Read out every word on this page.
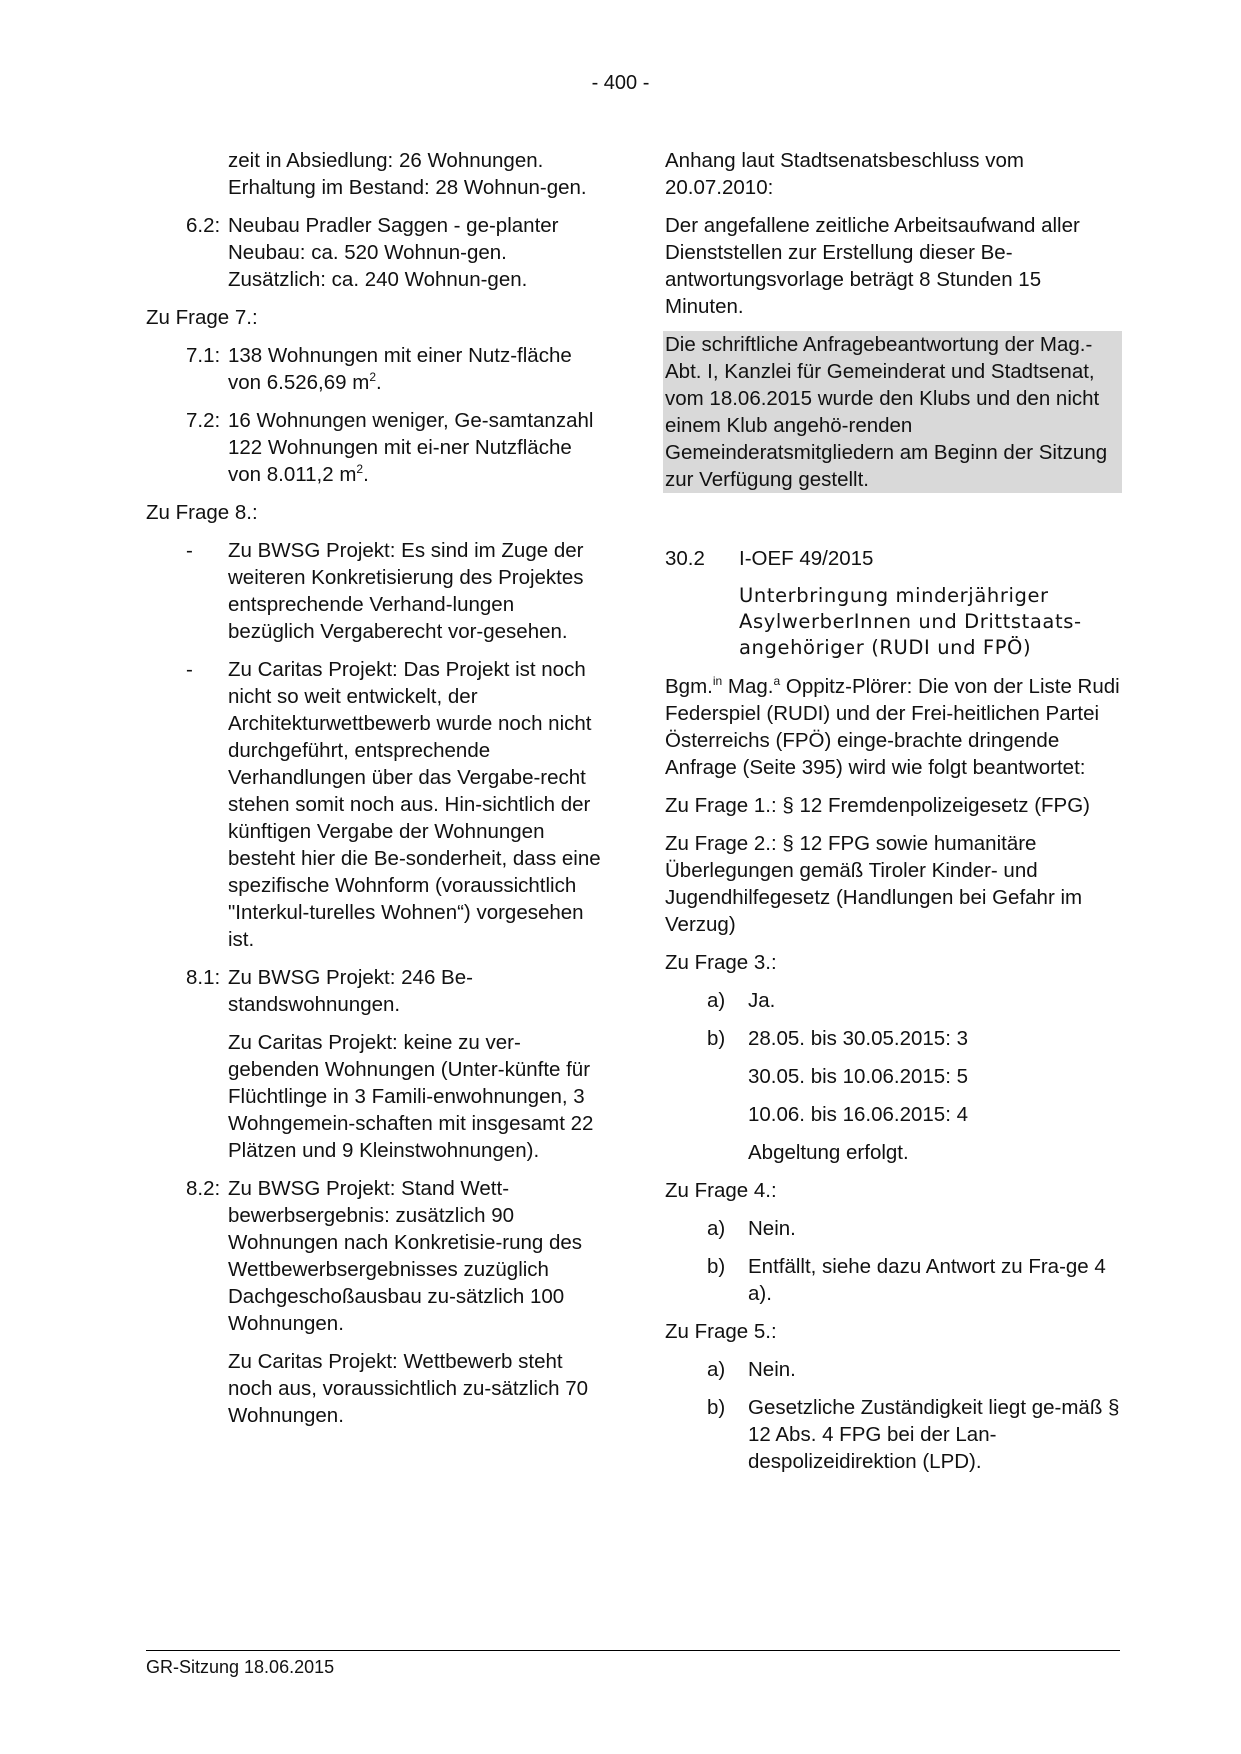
- 400 -

zeit in Absiedlung: 26 Wohnungen. Erhaltung im Bestand: 28 Wohnun-gen.

6.2: Neubau Pradler Saggen - ge-planter Neubau: ca. 520 Wohnun-gen. Zusätzlich: ca. 240 Wohnun-gen.

Zu Frage 7.:

7.1: 138 Wohnungen mit einer Nutz-fläche von 6.526,69 $m^2$.
7.2: 16 Wohnungen weniger, Ge-samtanzahl 122 Wohnungen mit ei-ner Nutzfläche von 8.011,2 $m^2$.

Zu Frage 8.:

-	Zu BWSG Projekt: Es sind im Zuge der weiteren Konkretisierung des Projektes entsprechende Verhand-lungen bezüglich Vergaberecht vor-gesehen.
-	Zu Caritas Projekt: Das Projekt ist noch nicht so weit entwickelt, der Architekturwettbewerb wurde noch nicht durchgeführt, entsprechende Verhandlungen über das Vergabe-recht stehen somit noch aus. Hin-sichtlich der künftigen Vergabe der Wohnungen besteht hier die Be-sonderheit, dass eine spezifische Wohnform (voraussichtlich "Interkul-turelles Wohnen“) vorgesehen ist.
8.1: Zu BWSG Projekt: 246 Be-standswohnungen.

Zu Caritas Projekt: keine zu ver-gebenden Wohnungen (Unter-künfte für Flüchtlinge in 3 Famili-enwohnungen, 3 Wohngemein-schaften mit insgesamt 22 Plätzen und 9 Kleinstwohnungen).

8.2: Zu BWSG Projekt: Stand Wett-bewerbsergebnis: zusätzlich 90 Wohnungen nach Konkretisie-rung des Wettbewerbsergebnisses zuzüglich Dachgeschoßausbau zu-sätzlich 100 Wohnungen.

Zu Caritas Projekt: Wettbewerb steht noch aus, voraussichtlich zu-sätzlich 70 Wohnungen.

Anhang laut Stadtsenatsbeschluss vom 20.07.2010:

Der angefallene zeitliche Arbeitsaufwand aller Dienststellen zur Erstellung dieser Be-antwortungsvorlage beträgt 8 Stunden 15 Minuten.

Die schriftliche Anfragebeantwortung der Mag.-Abt. I, Kanzlei für Gemeinderat und Stadtsenat, vom 18.06.2015 wurde den Klubs und den nicht einem Klub angehö-renden Gemeinderatsmitgliedern am Beginn der Sitzung zur Verfügung gestellt.

30.2	I-OEF 49/2015

Unterbringung minderjähriger AsylwerberInnen und Drittstaats-angehöriger (RUDI und FPÖ)

Bgm.$^{in}$ Mag.$^a$ Oppitz-Plörer: Die von der Liste Rudi Federspiel (RUDI) und der Frei-heitlichen Partei Österreichs (FPÖ) einge-brachte dringende Anfrage (Seite 395) wird wie folgt beantwortet:

Zu Frage 1.: § 12 Fremdenpolizeigesetz (FPG)

Zu Frage 2.: § 12 FPG sowie humanitäre Überlegungen gemäß Tiroler Kinder- und Jugendhilfegesetz (Handlungen bei Gefahr im Verzug)

Zu Frage 3.:

a)	Ja.
b)	28.05. bis 30.05.2015: 3

30.05. bis 10.06.2015: 5

10.06. bis 16.06.2015: 4

Abgeltung erfolgt.

Zu Frage 4.:

a)	Nein.
b)	Entfällt, siehe dazu Antwort zu Fra-ge 4 a).

Zu Frage 5.:

a)	Nein.
b)	Gesetzliche Zuständigkeit liegt ge-mäß § 12 Abs. 4 FPG bei der Lan-despolizeidirektion (LPD).
GR-Sitzung 18.06.2015
